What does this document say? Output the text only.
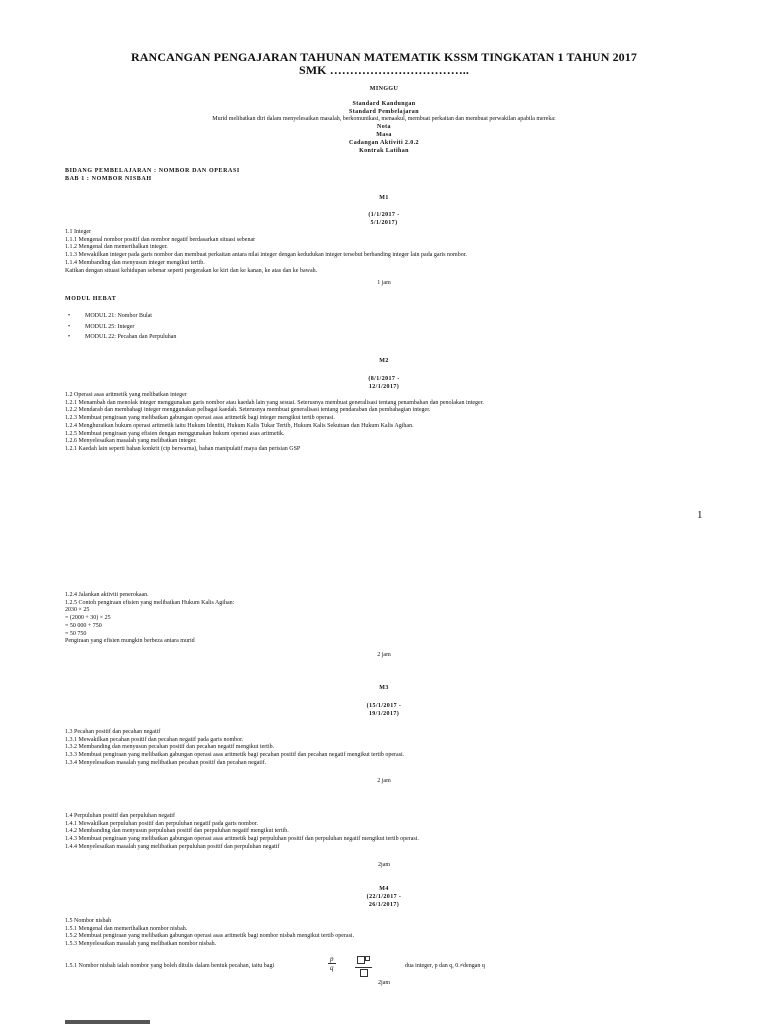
RANCANGAN PENGAJARAN TAHUNAN MATEMATIK KSSM TINGKATAN 1 TAHUN 2017
SMK ……………………………..
MINGGU
Standard Kandungan
Standard Pembelajaran
Murid melibatkan diri dalam menyelesaikan masalah, berkomunikasi, menaakul, membuat perkaitan dan membuat perwakilan apabila mereka:
Nota
Masa
Cadangan Aktiviti 2.0.2
Kontrak Latihan
BIDANG PEMBELAJARAN : NOMBOR DAN OPERASI
BAB 1 : NOMBOR NISBAH
M1
(1/1/2017 -
5/1/2017)
1.1 Integer
1.1.1 Mengenal nombor positif dan nombor negatif berdasarkan situasi sebenar
1.1.2 Mengenal dan memerihalkan integer.
1.1.3 Mewakilkan integer pada garis nombor dan membuat perkaitan antara nilai integer dengan kedudukan integer tersebut berbanding integer lain pada garis nombor.
1.1.4 Membanding dan menyusun integer mengikut tertib.
Kaitkan dengan situasi kehidupan sebenar seperti pergerakan ke kiri dan ke kanan, ke atas dan ke bawah.
1 jam
MODUL HEBAT
• MODUL 21: Nombor Bulat
• MODUL 25: Integer
• MODUL 22: Pecahan dan Perpuluhan
M2
(8/1/2017 -
12/1/2017)
1.2 Operasi asas aritmetik yang melibatkan integer
1.2.1 Menambah dan menolak integer menggunakan garis nombor atau kaedah lain yang sesuai. Seterusnya membuat generalisasi tentang penambahan dan penolakan integer.
1.2.2 Mendarab dan membahagi integer menggunakan pelbagai kaedah. Seterusnya membuat generalisasi tentang pendaraban dan pembahagian integer.
1.2.3 Membuat pengiraan yang melibatkan gabungan operasi asas aritmetik bagi integer mengikut tertib operasi.
1.2.4 Menghuraikan hukum operasi aritmetik iaitu Hukum Identiti, Hukum Kalis Tukar Tertib, Hukum Kalis Sekutuan dan Hukum Kalis Agihan.
1.2.5 Membuat pengiraan yang efisien dengan menggunakan hukum operasi asas aritmetik.
1.2.6 Menyelesaikan masalah yang melibatkan integer.
1.2.1 Kaedah lain seperti bahan konkrit (cip berwarna), bahan manipulatif maya dan perisian GSP
1
1.2.4 Jalankan aktiviti penerokaan.
1.2.5 Contoh pengiraan efisien yang melibatkan Hukum Kalis Agihan:
2030 × 25
= (2000 + 30) × 25
= 50 000 + 750
= 50 750
Pengiraan yang efisien mungkin berbeza antara murid
2 jam
M3
(15/1/2017 -
19/1/2017)
1.3 Pecahan positif dan pecahan negatif
1.3.1 Mewakilkan pecahan positif dan pecahan negatif pada garis nombor.
1.3.2 Membanding dan menyusun pecahan positif dan pecahan negatif mengikut tertib.
1.3.3 Membuat pengiraan yang melibatkan gabungan operasi asas aritmetik bagi pecahan positif dan pecahan negatif mengikut tertib operasi.
1.3.4 Menyelesaikan masalah yang melibatkan pecahan positif dan pecahan negatif.
2 jam
1.4 Perpuluhan positif dan perpuluhan negatif
1.4.1 Mewakilkan perpuluhan positif dan perpuluhan negatif pada garis nombor.
1.4.2 Membanding dan menyusun perpuluhan positif dan perpuluhan negatif mengikut tertib.
1.4.3 Membuat pengiraan yang melibatkan gabungan operasi asas aritmetik bagi perpuluhan positif dan perpuluhan negatif mengikut tertib operasi.
1.4.4 Menyelesaikan masalah yang melibatkan perpuluhan positif dan perpuluhan negatif
2jam
M4
(22/1/2017 -
26/1/2017)
1.5 Nombor nisbah
1.5.1 Mengenal dan memerihalkan nombor nisbah.
1.5.2 Membuat pengiraan yang melibatkan gabungan operasi asas aritmetik bagi nombor nisbah mengikut tertib operasi.
1.5.3 Menyelesaikan masalah yang melibatkan nombor nisbah.
1.5.1 Nombor nisbah ialah nombor yang boleh ditulis dalam bentuk pecahan, iaitu bagi	$\frac{p}{q}$	dua integer, p dan q, 0.≠dengan q
2jam
